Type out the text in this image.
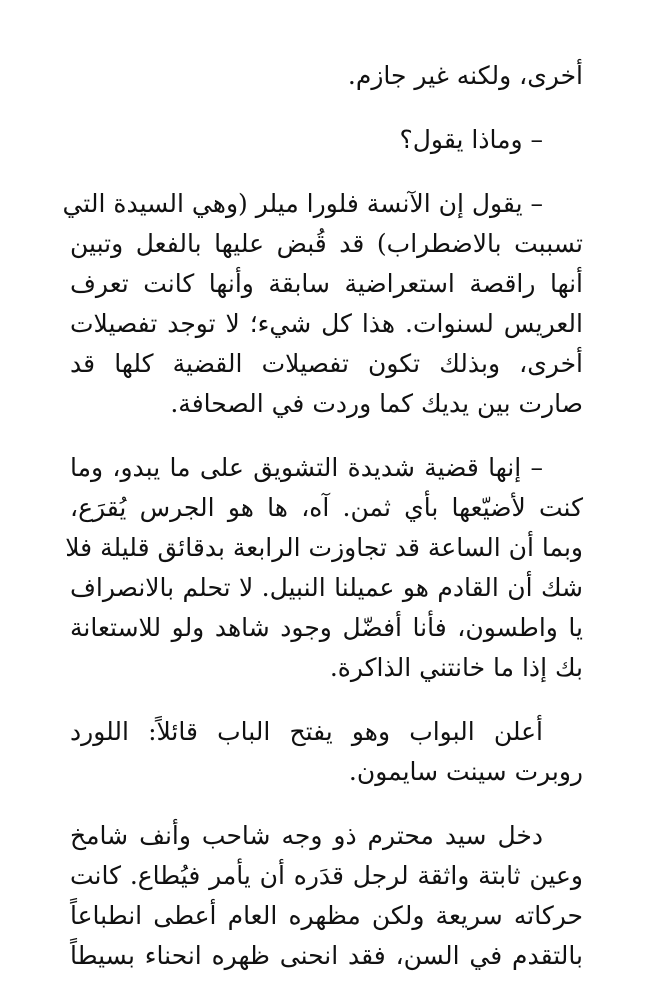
أخرى، ولكنه غير جازم.

– وماذا يقول؟

– يقول إن الآنسة فلورا ميلر (وهي السيدة التي
تسببت بالاضطراب) قد قُبض عليها بالفعل وتبين
أنها راقصة استعراضية سابقة وأنها كانت تعرف
العريس لسنوات. هذا كل شيء؛ لا توجد تفصيلات
أخرى، وبذلك تكون تفصيلات القضية كلها قد
صارت بين يديك كما وردت في الصحافة.

– إنها قضية شديدة التشويق على ما يبدو، وما
كنت لأضيّعها بأي ثمن. آه، ها هو الجرس يُقرَع،
وبما أن الساعة قد تجاوزت الرابعة بدقائق قليلة فلا
شك أن القادم هو عميلنا النبيل. لا تحلم بالانصراف
يا واطسون، فأنا أفضّل وجود شاهد ولو للاستعانة
بك إذا ما خانتني الذاكرة.

أعلن البواب وهو يفتح الباب قائلاً: اللورد
روبرت سينت سايمون.

دخل سيد محترم ذو وجه شاحب وأنف شامخ
وعين ثابتة واثقة لرجل قدَره أن يأمر فيُطاع. كانت
حركاته سريعة ولكن مظهره العام أعطى انطباعاً
بالتقدم في السن، فقد انحنى ظهره انحناء بسيطاً
